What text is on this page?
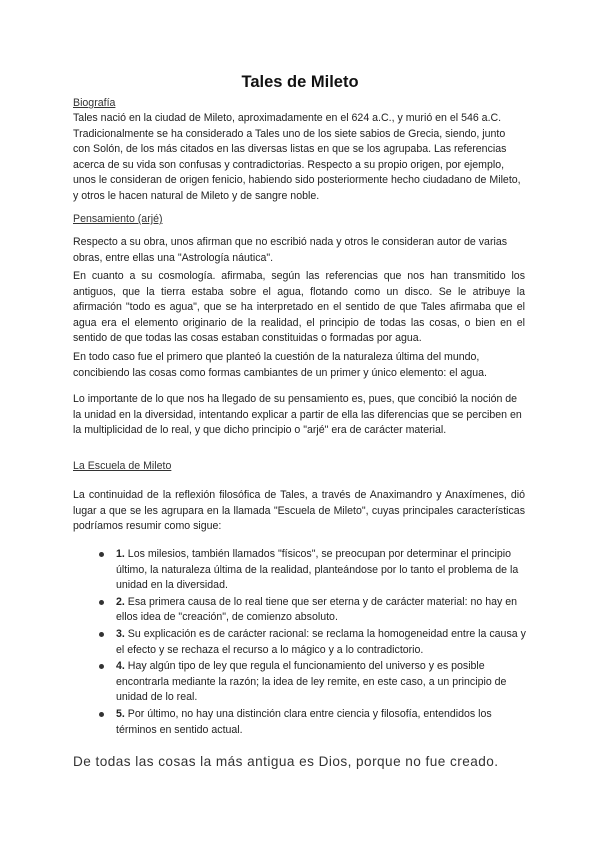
Tales de Mileto
Biografía

Tales nació en la ciudad de Mileto, aproximadamente en el 624 a.C., y murió en el 546 a.C. Tradicionalmente se ha considerado a Tales uno de los siete sabios de Grecia, siendo, junto con Solón, de los más citados en las diversas listas en que se los agrupaba. Las referencias acerca de su vida son confusas y contradictorias. Respecto a su propio origen, por ejemplo, unos le consideran de origen fenicio, habiendo sido posteriormente hecho ciudadano de Mileto, y otros le hacen natural de Mileto y de sangre noble.

Pensamiento (arjé)

Respecto a su obra, unos afirman que no escribió nada y otros le consideran autor de varias obras, entre ellas una "Astrología náutica".

En cuanto a su cosmología. afirmaba, según las referencias que nos han transmitido los antiguos, que la tierra estaba sobre el agua, flotando como un disco. Se le atribuye la afirmación "todo es agua", que se ha interpretado en el sentido de que Tales afirmaba que el agua era el elemento originario de la realidad, el principio de todas las cosas, o bien en el sentido de que todas las cosas estaban constituidas o formadas por agua.

En todo caso fue el primero que planteó la cuestión de la naturaleza última del mundo, concibiendo las cosas como formas cambiantes de un primer y único elemento: el agua.

Lo importante de lo que nos ha llegado de su pensamiento es, pues, que concibió la noción de la unidad en la diversidad, intentando explicar a partir de ella las diferencias que se perciben en la multiplicidad de lo real, y que dicho principio o "arjé" era de carácter material.

La Escuela de Mileto

La continuidad de la reflexión filosófica de Tales, a través de Anaximandro y Anaxímenes, dió lugar a que se les agrupara en la llamada "Escuela de Mileto", cuyas principales características podríamos resumir como sigue:

1. Los milesios, también llamados "físicos", se preocupan por determinar el principio último, la naturaleza última de la realidad, planteándose por lo tanto el problema de la unidad en la diversidad.
2. Esa primera causa de lo real tiene que ser eterna y de carácter material: no hay en ellos idea de "creación", de comienzo absoluto.
3. Su explicación es de carácter racional: se reclama la homogeneidad entre la causa y el efecto y se rechaza el recurso a lo mágico y a lo contradictorio.
4. Hay algún tipo de ley que regula el funcionamiento del universo y es posible encontrarla mediante la razón; la idea de ley remite, en este caso, a un principio de unidad de lo real.
5. Por último, no hay una distinción clara entre ciencia y filosofía, entendidos los términos en sentido actual.
De todas las cosas la más antigua es Dios, porque no fue creado.
